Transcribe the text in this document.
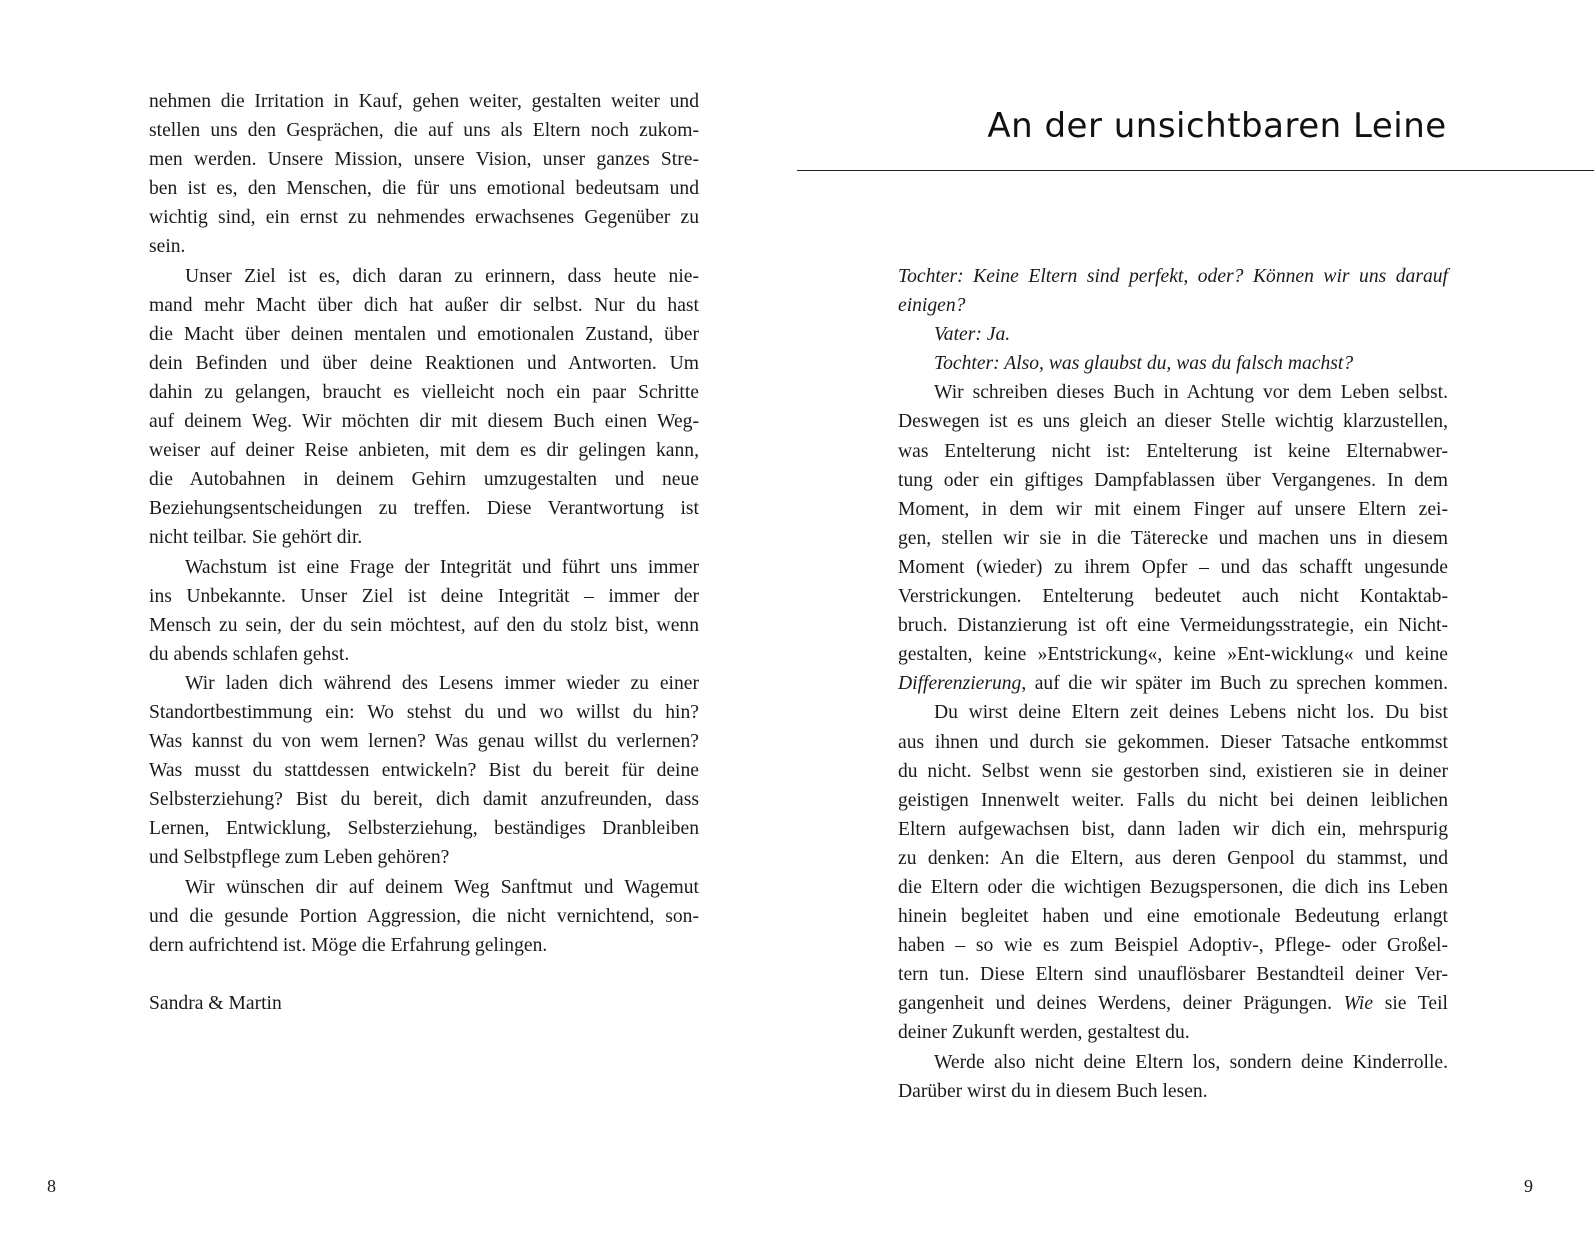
nehmen die Irritation in Kauf, gehen weiter, gestalten weiter und
stellen uns den Gesprächen, die auf uns als Eltern noch zukom-
men werden. Unsere Mission, unsere Vision, unser ganzes Stre-
ben ist es, den Menschen, die für uns emotional bedeutsam und
wichtig sind, ein ernst zu nehmendes erwachsenes Gegenüber zu
sein.
Unser Ziel ist es, dich daran zu erinnern, dass heute nie-
mand mehr Macht über dich hat außer dir selbst. Nur du hast
die Macht über deinen mentalen und emotionalen Zustand, über
dein Befinden und über deine Reaktionen und Antworten. Um
dahin zu gelangen, braucht es vielleicht noch ein paar Schritte
auf deinem Weg. Wir möchten dir mit diesem Buch einen Weg-
weiser auf deiner Reise anbieten, mit dem es dir gelingen kann,
die Autobahnen in deinem Gehirn umzugestalten und neue
Beziehungsentscheidungen zu treffen. Diese Verantwortung ist
nicht teilbar. Sie gehört dir.
Wachstum ist eine Frage der Integrität und führt uns immer
ins Unbekannte. Unser Ziel ist deine Integrität – immer der
Mensch zu sein, der du sein möchtest, auf den du stolz bist, wenn
du abends schlafen gehst.
Wir laden dich während des Lesens immer wieder zu einer
Standortbestimmung ein: Wo stehst du und wo willst du hin?
Was kannst du von wem lernen? Was genau willst du verlernen?
Was musst du stattdessen entwickeln? Bist du bereit für deine
Selbsterziehung? Bist du bereit, dich damit anzufreunden, dass
Lernen, Entwicklung, Selbsterziehung, beständiges Dranbleiben
und Selbstpflege zum Leben gehören?
Wir wünschen dir auf deinem Weg Sanftmut und Wagemut
und die gesunde Portion Aggression, die nicht vernichtend, son-
dern aufrichtend ist. Möge die Erfahrung gelingen.
Sandra & Martin
8
An der unsichtbaren Leine
Tochter: Keine Eltern sind perfekt, oder? Können wir uns darauf
einigen?
Vater: Ja.
Tochter: Also, was glaubst du, was du falsch machst?
Wir schreiben dieses Buch in Achtung vor dem Leben selbst.
Deswegen ist es uns gleich an dieser Stelle wichtig klarzustellen,
was Entelterung nicht ist: Entelterung ist keine Elternabwer-
tung oder ein giftiges Dampfablassen über Vergangenes. In dem
Moment, in dem wir mit einem Finger auf unsere Eltern zei-
gen, stellen wir sie in die Täterecke und machen uns in diesem
Moment (wieder) zu ihrem Opfer – und das schafft ungesunde
Verstrickungen. Entelterung bedeutet auch nicht Kontaktab-
bruch. Distanzierung ist oft eine Vermeidungsstrategie, ein Nicht-
gestalten, keine »Entstrickung«, keine »Ent-wicklung« und keine
Differenzierung, auf die wir später im Buch zu sprechen kommen.
Du wirst deine Eltern zeit deines Lebens nicht los. Du bist
aus ihnen und durch sie gekommen. Dieser Tatsache entkommst
du nicht. Selbst wenn sie gestorben sind, existieren sie in deiner
geistigen Innenwelt weiter. Falls du nicht bei deinen leiblichen
Eltern aufgewachsen bist, dann laden wir dich ein, mehrspurig
zu denken: An die Eltern, aus deren Genpool du stammst, und
die Eltern oder die wichtigen Bezugspersonen, die dich ins Leben
hinein begleitet haben und eine emotionale Bedeutung erlangt
haben – so wie es zum Beispiel Adoptiv-, Pflege- oder Großel-
tern tun. Diese Eltern sind unauflösbarer Bestandteil deiner Ver-
gangenheit und deines Werdens, deiner Prägungen. Wie sie Teil
deiner Zukunft werden, gestaltest du.
Werde also nicht deine Eltern los, sondern deine Kinderrolle.
Darüber wirst du in diesem Buch lesen.
9
